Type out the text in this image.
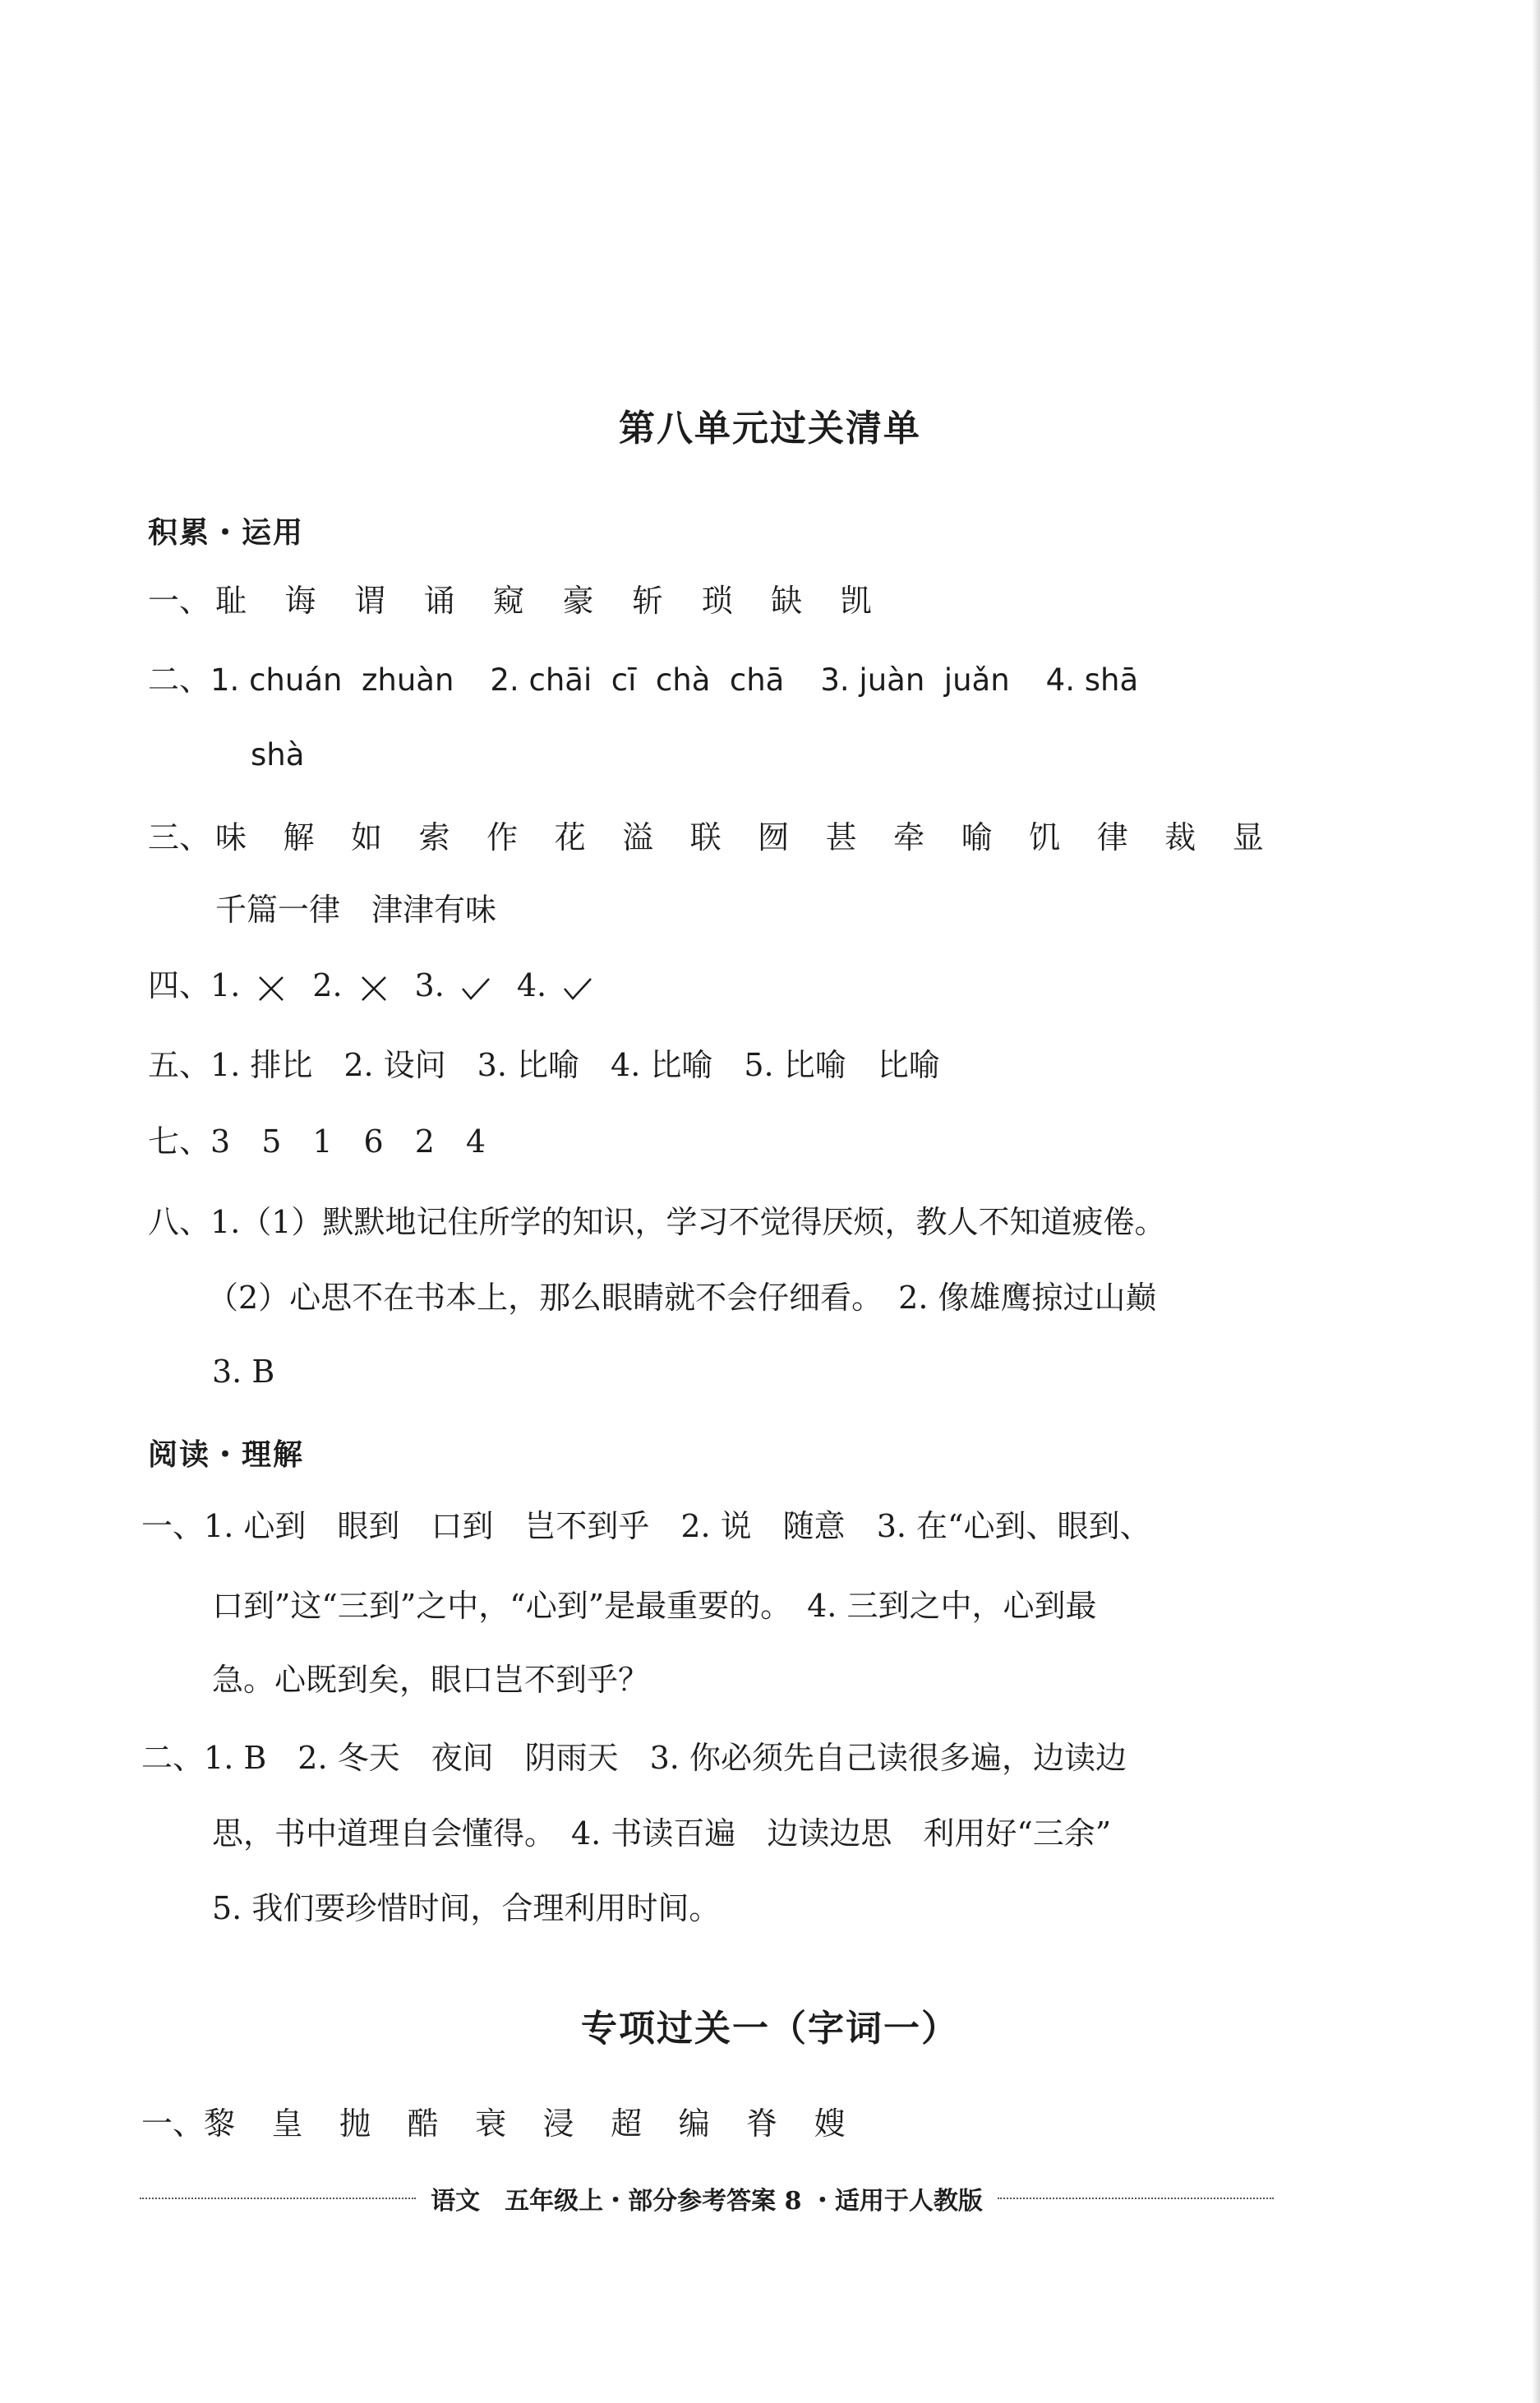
第八单元过关清单
积累・运用
一、 耻 诲 谓 诵 窥 豪 斩 琐 缺 凯
二、1. chuán  zhuàn 2. chāi  cī  chà  chā 3. juàn  juǎn 4. shā
shà
三、 味 解 如 索 作 花 溢 联 囫 甚 牵 喻 饥 律 裁 显
千篇一律　津津有味
四、1. 2. 3. 4.
五、1. 排比　2. 设问　3. 比喻　4. 比喻　5. 比喻　比喻
七、3　5　1　6　2　4
八、1.（1）默默地记住所学的知识，学习不觉得厌烦，教人不知道疲倦。
（2）心思不在书本上，那么眼睛就不会仔细看。　2. 像雄鹰掠过山巅
3. B
阅读・理解
一、1. 心到　眼到　口到　岂不到乎　2. 说　随意　3. 在“心到、眼到、
口到”这“三到”之中，“心到”是最重要的。　4. 三到之中，心到最
急。心既到矣，眼口岂不到乎？
二、1. B　2. 冬天　夜间　阴雨天　3. 你必须先自己读很多遍，边读边
思，书中道理自会懂得。　4. 书读百遍　边读边思　利用好“三余”
5. 我们要珍惜时间，合理利用时间。
专项过关一（字词一）
一、黎 皇 抛 酷 衰 浸 超 编 脊 嫂
语文　五年级上・部分参考答案 8 ・适用于人教版
